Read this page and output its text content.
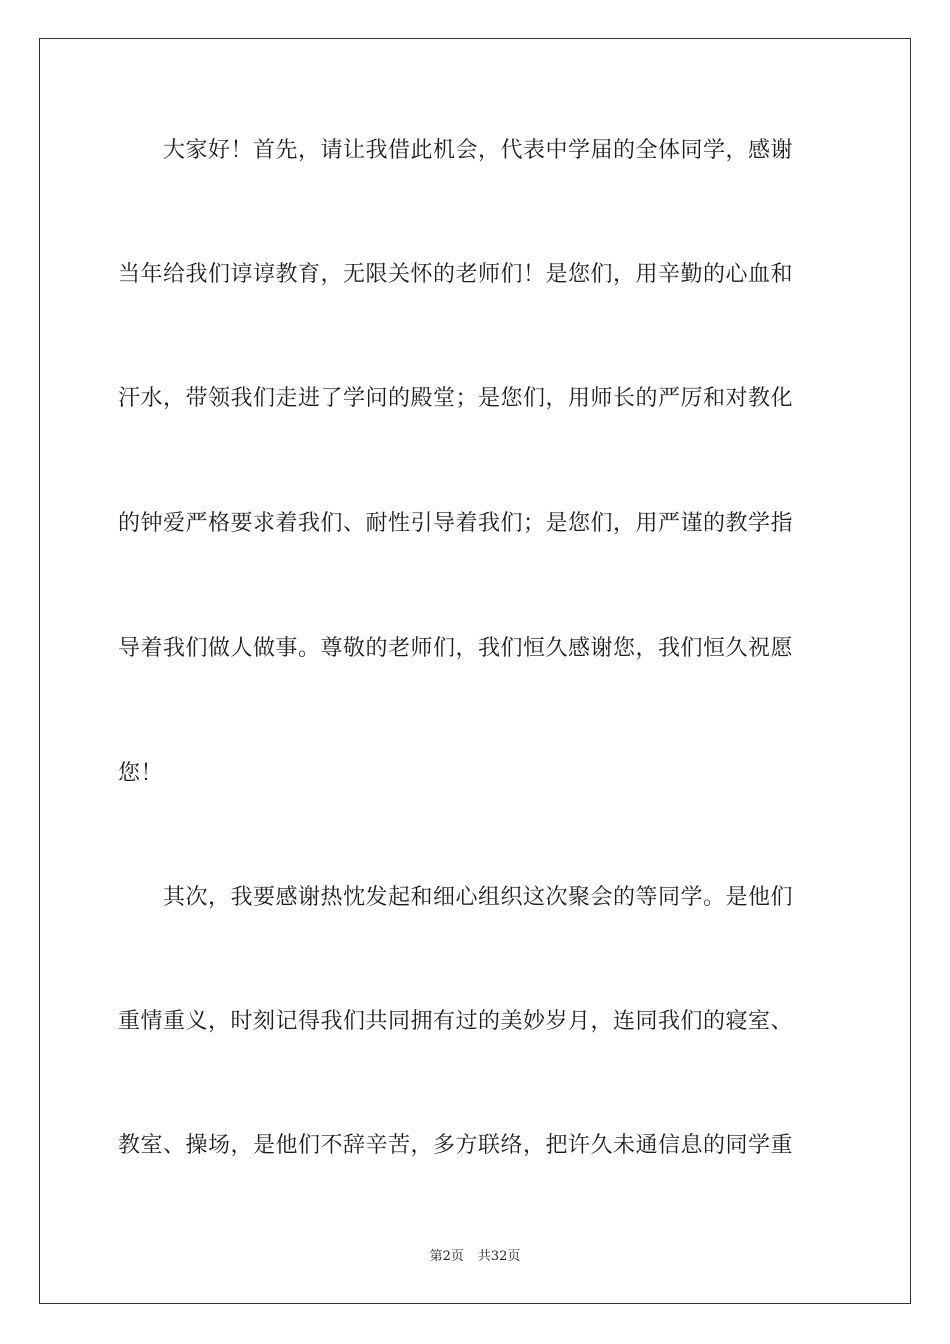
大家好！首先，请让我借此机会，代表中学届的全体同学，感谢
当年给我们谆谆教育，无限关怀的老师们！是您们，用辛勤的心血和
汗水，带领我们走进了学问的殿堂；是您们，用师长的严厉和对教化
的钟爱严格要求着我们、耐性引导着我们；是您们，用严谨的教学指
导着我们做人做事。尊敬的老师们，我们恒久感谢您，我们恒久祝愿
您！
其次，我要感谢热忱发起和细心组织这次聚会的等同学。是他们
重情重义，时刻记得我们共同拥有过的美妙岁月，连同我们的寝室、
教室、操场，是他们不辞辛苦，多方联络，把许久未通信息的同学重
第2页 共32页
